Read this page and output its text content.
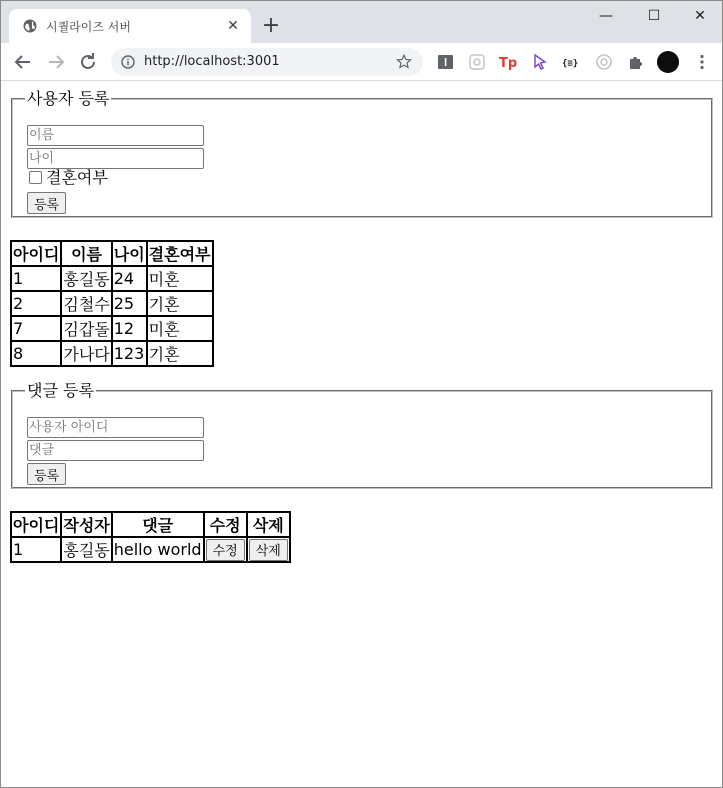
시퀄라이즈 서버	✕ +	—	☐	✕
http://localhost:3001	Tp	{≡}
사용자 등록
이름
나이
결혼여부
등록
아이디	이름	나이	결혼여부
1	홍길동	24	미혼
2	김철수	25	기혼
7	김갑돌	12	미혼
8	가나다	123	기혼
댓글 등록
사용자 아이디
댓글
등록
아이디	작성자	댓글	수정	삭제
1	홍길동	hello world	수정	삭제
